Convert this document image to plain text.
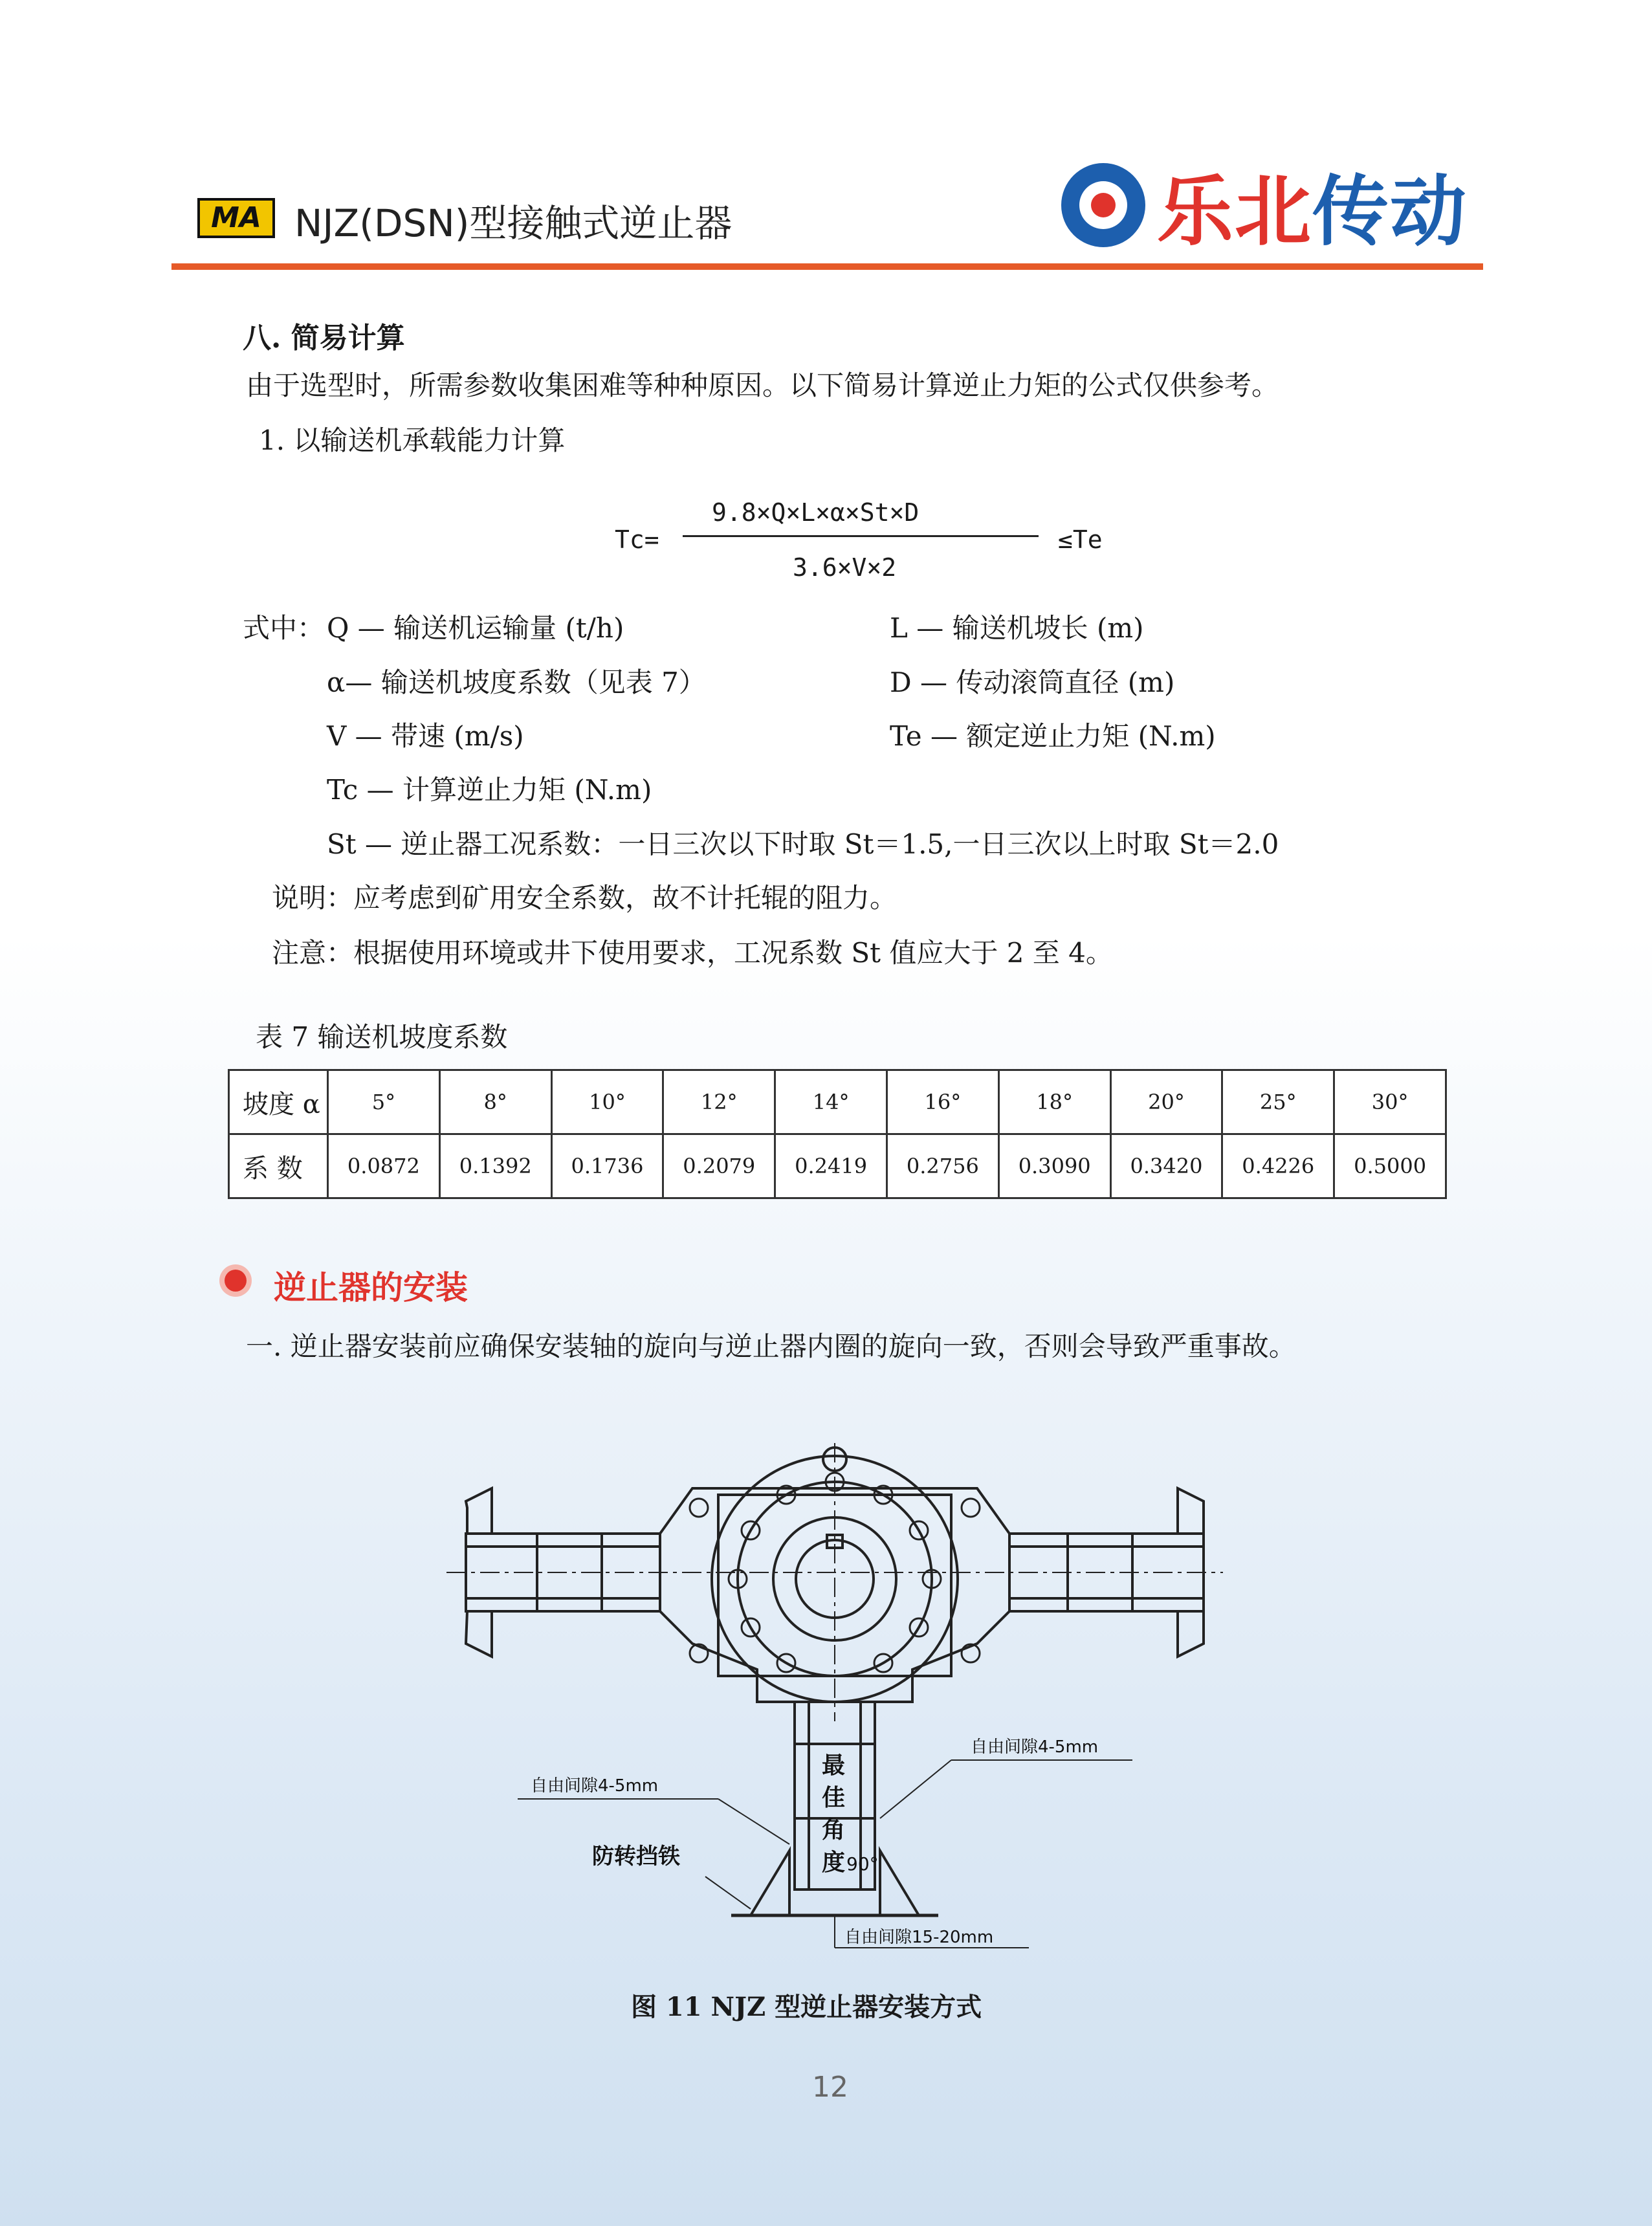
MA NJZ(DSN)型接触式逆止器	乐北传动
八. 简易计算
由于选型时，所需参数收集困难等种种原因。以下简易计算逆止力矩的公式仅供参考。
1. 以输送机承载能力计算
Tc=
9.8×Q×L×α×St×D
3.6×V×2
≤Te
式中： Q — 输送机运输量 (t/h)	L — 输送机坡长 (m)
α— 输送机坡度系数（见表 7）	D — 传动滚筒直径 (m)
V — 带速 (m/s)	Te — 额定逆止力矩 (N.m)
Tc — 计算逆止力矩 (N.m)
St — 逆止器工况系数：一日三次以下时取 St＝1.5,一日三次以上时取 St＝2.0
说明：应考虑到矿用安全系数，故不计托辊的阻力。
注意：根据使用环境或井下使用要求，工况系数 St 值应大于 2 至 4。
表 7 输送机坡度系数
坡度 α	5°	8°	10°	12°	14°	16°	18°	20°	25°	30°
系 数	0.0872	0.1392	0.1736	0.2079	0.2419	0.2756	0.3090	0.3420	0.4226	0.5000
逆止器的安装
一. 逆止器安装前应确保安装轴的旋向与逆止器内圈的旋向一致，否则会导致严重事故。
自由间隙4-5mm
自由间隙4-5mm
防转挡铁
最
佳
角
度 90°
自由间隙15-20mm
图 11 NJZ 型逆止器安装方式
12
